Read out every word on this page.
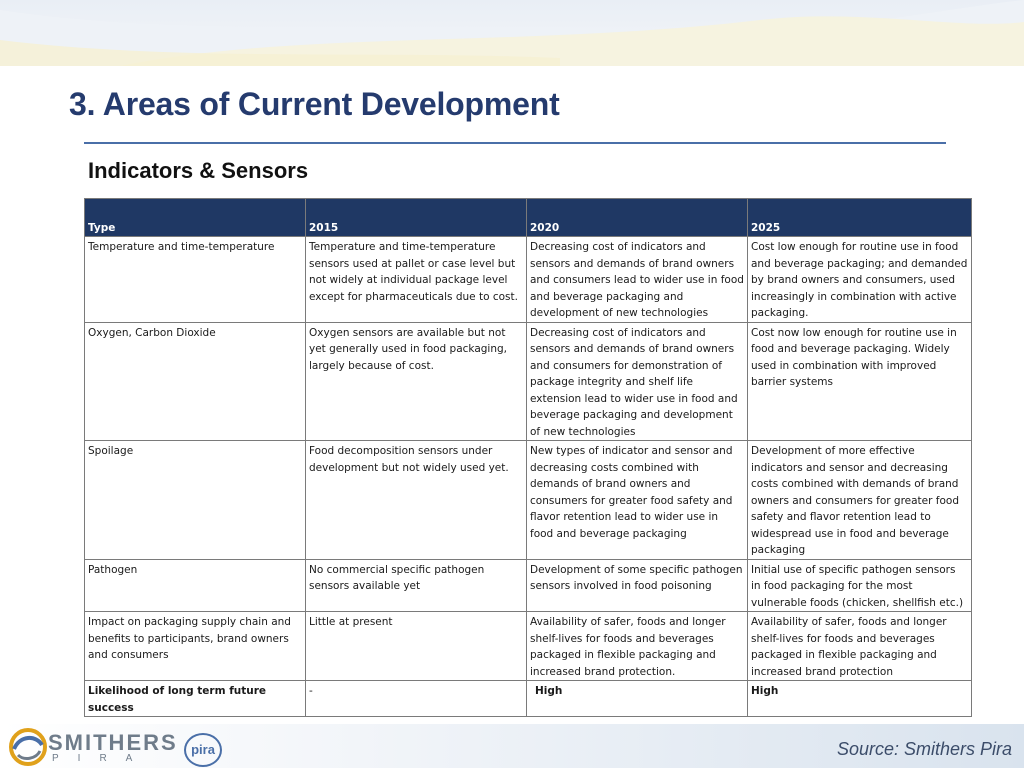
3. Areas of Current Development
Indicators & Sensors
Type	2015	2020	2025
Temperature and time-temperature	Temperature and time-temperature sensors used at pallet or case level but not widely at individual package level except for pharmaceuticals due to cost.	Decreasing cost of indicators and sensors and demands of brand owners and consumers lead to wider use in food and beverage packaging and development of new technologies	Cost low enough for routine use in food and beverage packaging; and demanded by brand owners and consumers, used increasingly in combination with active packaging.
Oxygen, Carbon Dioxide	Oxygen sensors are available but not yet generally used in food packaging, largely because of cost.	Decreasing cost of indicators and sensors and demands of brand owners and consumers for demonstration of package integrity and shelf life extension lead to wider use in food and beverage packaging and development of new technologies	Cost now low enough for routine use in food and beverage packaging. Widely used in combination with improved barrier systems
Spoilage	Food decomposition sensors under development but not widely used yet.	New types of indicator and sensor and decreasing costs combined with demands of brand owners and consumers for greater food safety and flavor retention lead to wider use in food and beverage packaging	Development of more effective indicators and sensor and decreasing costs combined with demands of brand owners and consumers for greater food safety and flavor retention lead to widespread use in food and beverage packaging
Pathogen	No commercial specific pathogen sensors available yet	Development of some specific pathogen sensors involved in food poisoning	Initial use of specific pathogen sensors in food packaging for the most vulnerable foods (chicken, shellfish etc.)
Impact on packaging supply chain and benefits to participants, brand owners and consumers	Little at present	Availability of safer, foods and longer shelf-lives for foods and beverages packaged in flexible packaging and increased brand protection.	Availability of safer, foods and longer shelf-lives for foods and beverages packaged in flexible packaging and increased brand protection
Likelihood of long term future success	-	High	High
SMITHERS
PIRA
pira	Source: Smithers Pira
